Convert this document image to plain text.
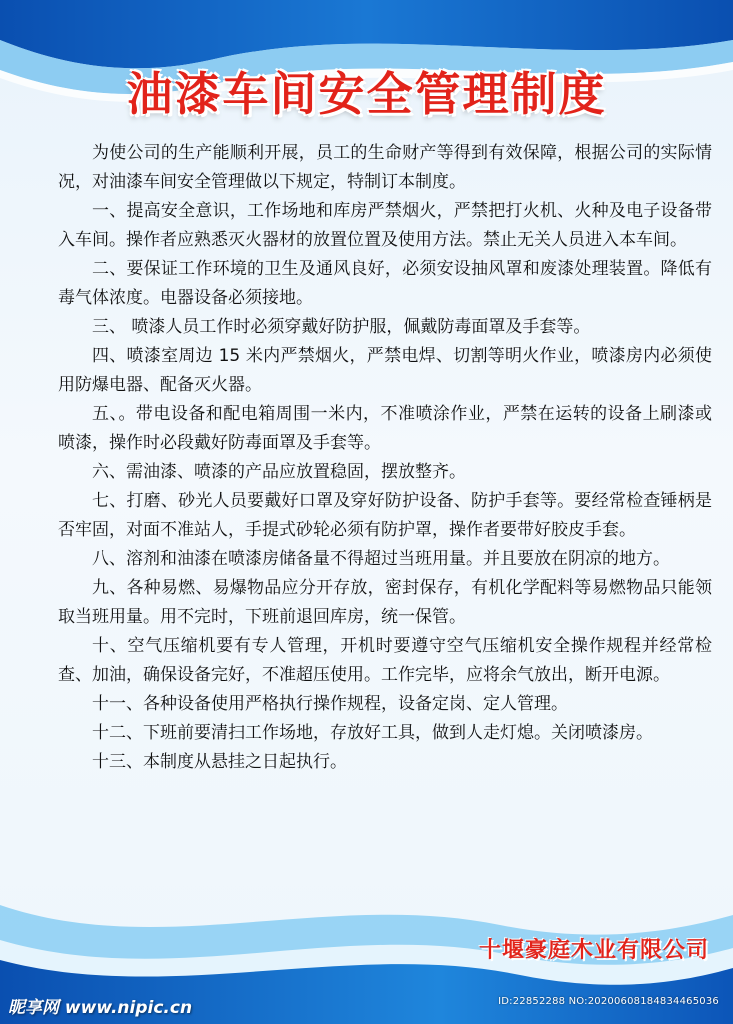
油漆车间安全管理制度

为使公司的生产能顺利开展，员工的生命财产等得到有效保障，根据公司的实际情况，对油漆车间安全管理做以下规定，特制订本制度。

一、提高安全意识，工作场地和库房严禁烟火，严禁把打火机、火种及电子设备带入车间。操作者应熟悉灭火器材的放置位置及使用方法。禁止无关人员进入本车间。

二、要保证工作环境的卫生及通风良好，必须安设抽风罩和废漆处理装置。降低有毒气体浓度。电器设备必须接地。

三、 喷漆人员工作时必须穿戴好防护服，佩戴防毒面罩及手套等。

四、喷漆室周边 15 米内严禁烟火，严禁电焊、切割等明火作业，喷漆房内必须使用防爆电器、配备灭火器。

五、。带电设备和配电箱周围一米内，不准喷涂作业，严禁在运转的设备上刷漆或喷漆，操作时必段戴好防毒面罩及手套等。

六、需油漆、喷漆的产品应放置稳固，摆放整齐。

七、打磨、砂光人员要戴好口罩及穿好防护设备、防护手套等。要经常检查锤柄是否牢固，对面不准站人，手提式砂轮必须有防护罩，操作者要带好胶皮手套。

八、溶剂和油漆在喷漆房储备量不得超过当班用量。并且要放在阴凉的地方。

九、各种易燃、易爆物品应分开存放，密封保存，有机化学配料等易燃物品只能领取当班用量。用不完时，下班前退回库房，统一保管。

十、空气压缩机要有专人管理，开机时要遵守空气压缩机安全操作规程并经常检查、加油，确保设备完好，不准超压使用。工作完毕，应将余气放出，断开电源。

十一、各种设备使用严格执行操作规程，设备定岗、定人管理。

十二、下班前要清扫工作场地，存放好工具，做到人走灯熄。关闭喷漆房。

十三、本制度从悬挂之日起执行。

十堰豪庭木业有限公司
昵享网 www.nipic.cn	ID:22852288 NO:20200608184834465036
